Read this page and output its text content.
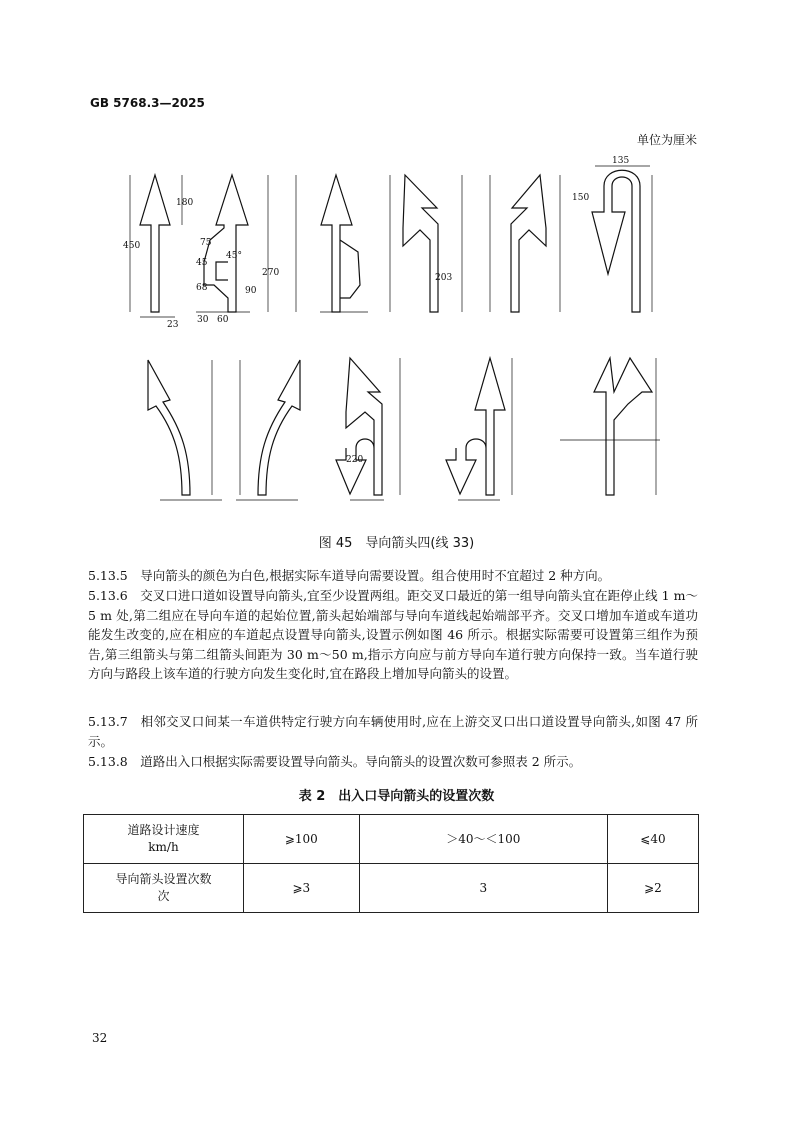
GB 5768.3—2025
单位为厘米
450
180
23 30 60
90
68
45
75
270	203
150
135
220
45°
图 45　导向箭头四(线 33)
5.13.5  导向箭头的颜色为白色,根据实际车道导向需要设置。组合使用时不宜超过 2 种方向。
5.13.6  交叉口进口道如设置导向箭头,宜至少设置两组。距交叉口最近的第一组导向箭头宜在距停止线 1 m～5 m 处,第二组应在导向车道的起始位置,箭头起始端部与导向车道线起始端部平齐。交叉口增加车道或车道功能发生改变的,应在相应的车道起点设置导向箭头,设置示例如图 46 所示。根据实际需要可设置第三组作为预告,第三组箭头与第二组箭头间距为 30 m～50 m,指示方向应与前方导向车道行驶方向保持一致。当车道行驶方向与路段上该车道的行驶方向发生变化时,宜在路段上增加导向箭头的设置。
5.13.7  相邻交叉口间某一车道供特定行驶方向车辆使用时,应在上游交叉口出口道设置导向箭头,如图 47 所示。
5.13.8  道路出入口根据实际需要设置导向箭头。导向箭头的设置次数可参照表 2 所示。
表 2　出入口导向箭头的设置次数
道路设计速度
km/h	⩾100	＞40～＜100	⩽40
导向箭头设置次数
次	⩾3	3	⩾2
32
